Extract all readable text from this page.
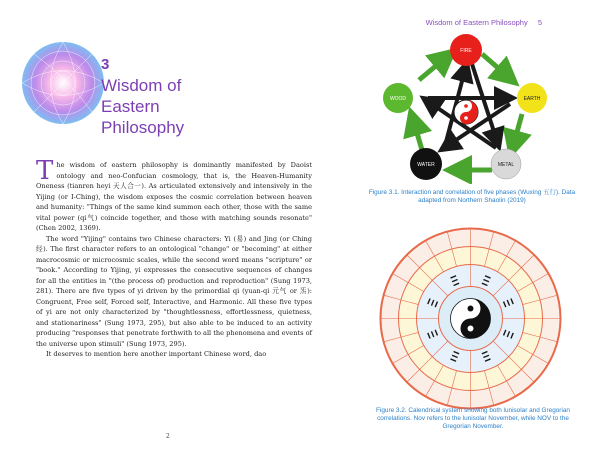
Wisdom of Eastern Philosophy 5
3
Wisdom of Eastern Philosophy

The wisdom of eastern philosophy is dominantly manifested by Daoist ontology and neo-Confucian cosmology, that is, the Heaven-Humanity Oneness (tianren heyi 天人合一). As articulated extensively and intensively in the Yijing (or I-Ching), the wisdom exposes the cosmic correlation between heaven and humanity: "Things of the same kind summon each other, those with the same vital power (qi气) coincide together, and those with matching sounds resonate" (Chen 2002, 1369).

The word "Yijing" contains two Chinese characters: Yi (易) and Jing (or Ching 经). The first character refers to an ontological "change" or "becoming" at either macrocosmic or microcosmic scales, while the second word means "scripture" or "book." According to Yijing, yi expresses the consecutive sequences of changes for all the entities in "(the process of) production and reproduction" (Sung 1973, 281). There are five types of yi driven by the primordial qi (yuan-qi 元气 or 炁): Congruent, Free self, Forced self, Interactive, and Harmonic. All these five types of yi are not only characterized by "thoughtlessness, effortlessness, quietness, and stationariness" (Sung 1973, 295), but also able to be induced to an activity producing "responses that penetrate forthwith to all the phenomena and events of the universe upon stimuli" (Sung 1973, 295).

It deserves to mention here another important Chinese word, dao

2
FIRE
EARTH
METAL
WATER
WOOD
Figure 3.1. Interaction and correlation of five phases (Wuxing 五行). Data adapted from Northern Shaolin (2019)
Figure 3.2. Calendrical system showing both lunisolar and Gregorian correlations. Nov refers to the lunisolar November, while NOV to the Gregorian November.
